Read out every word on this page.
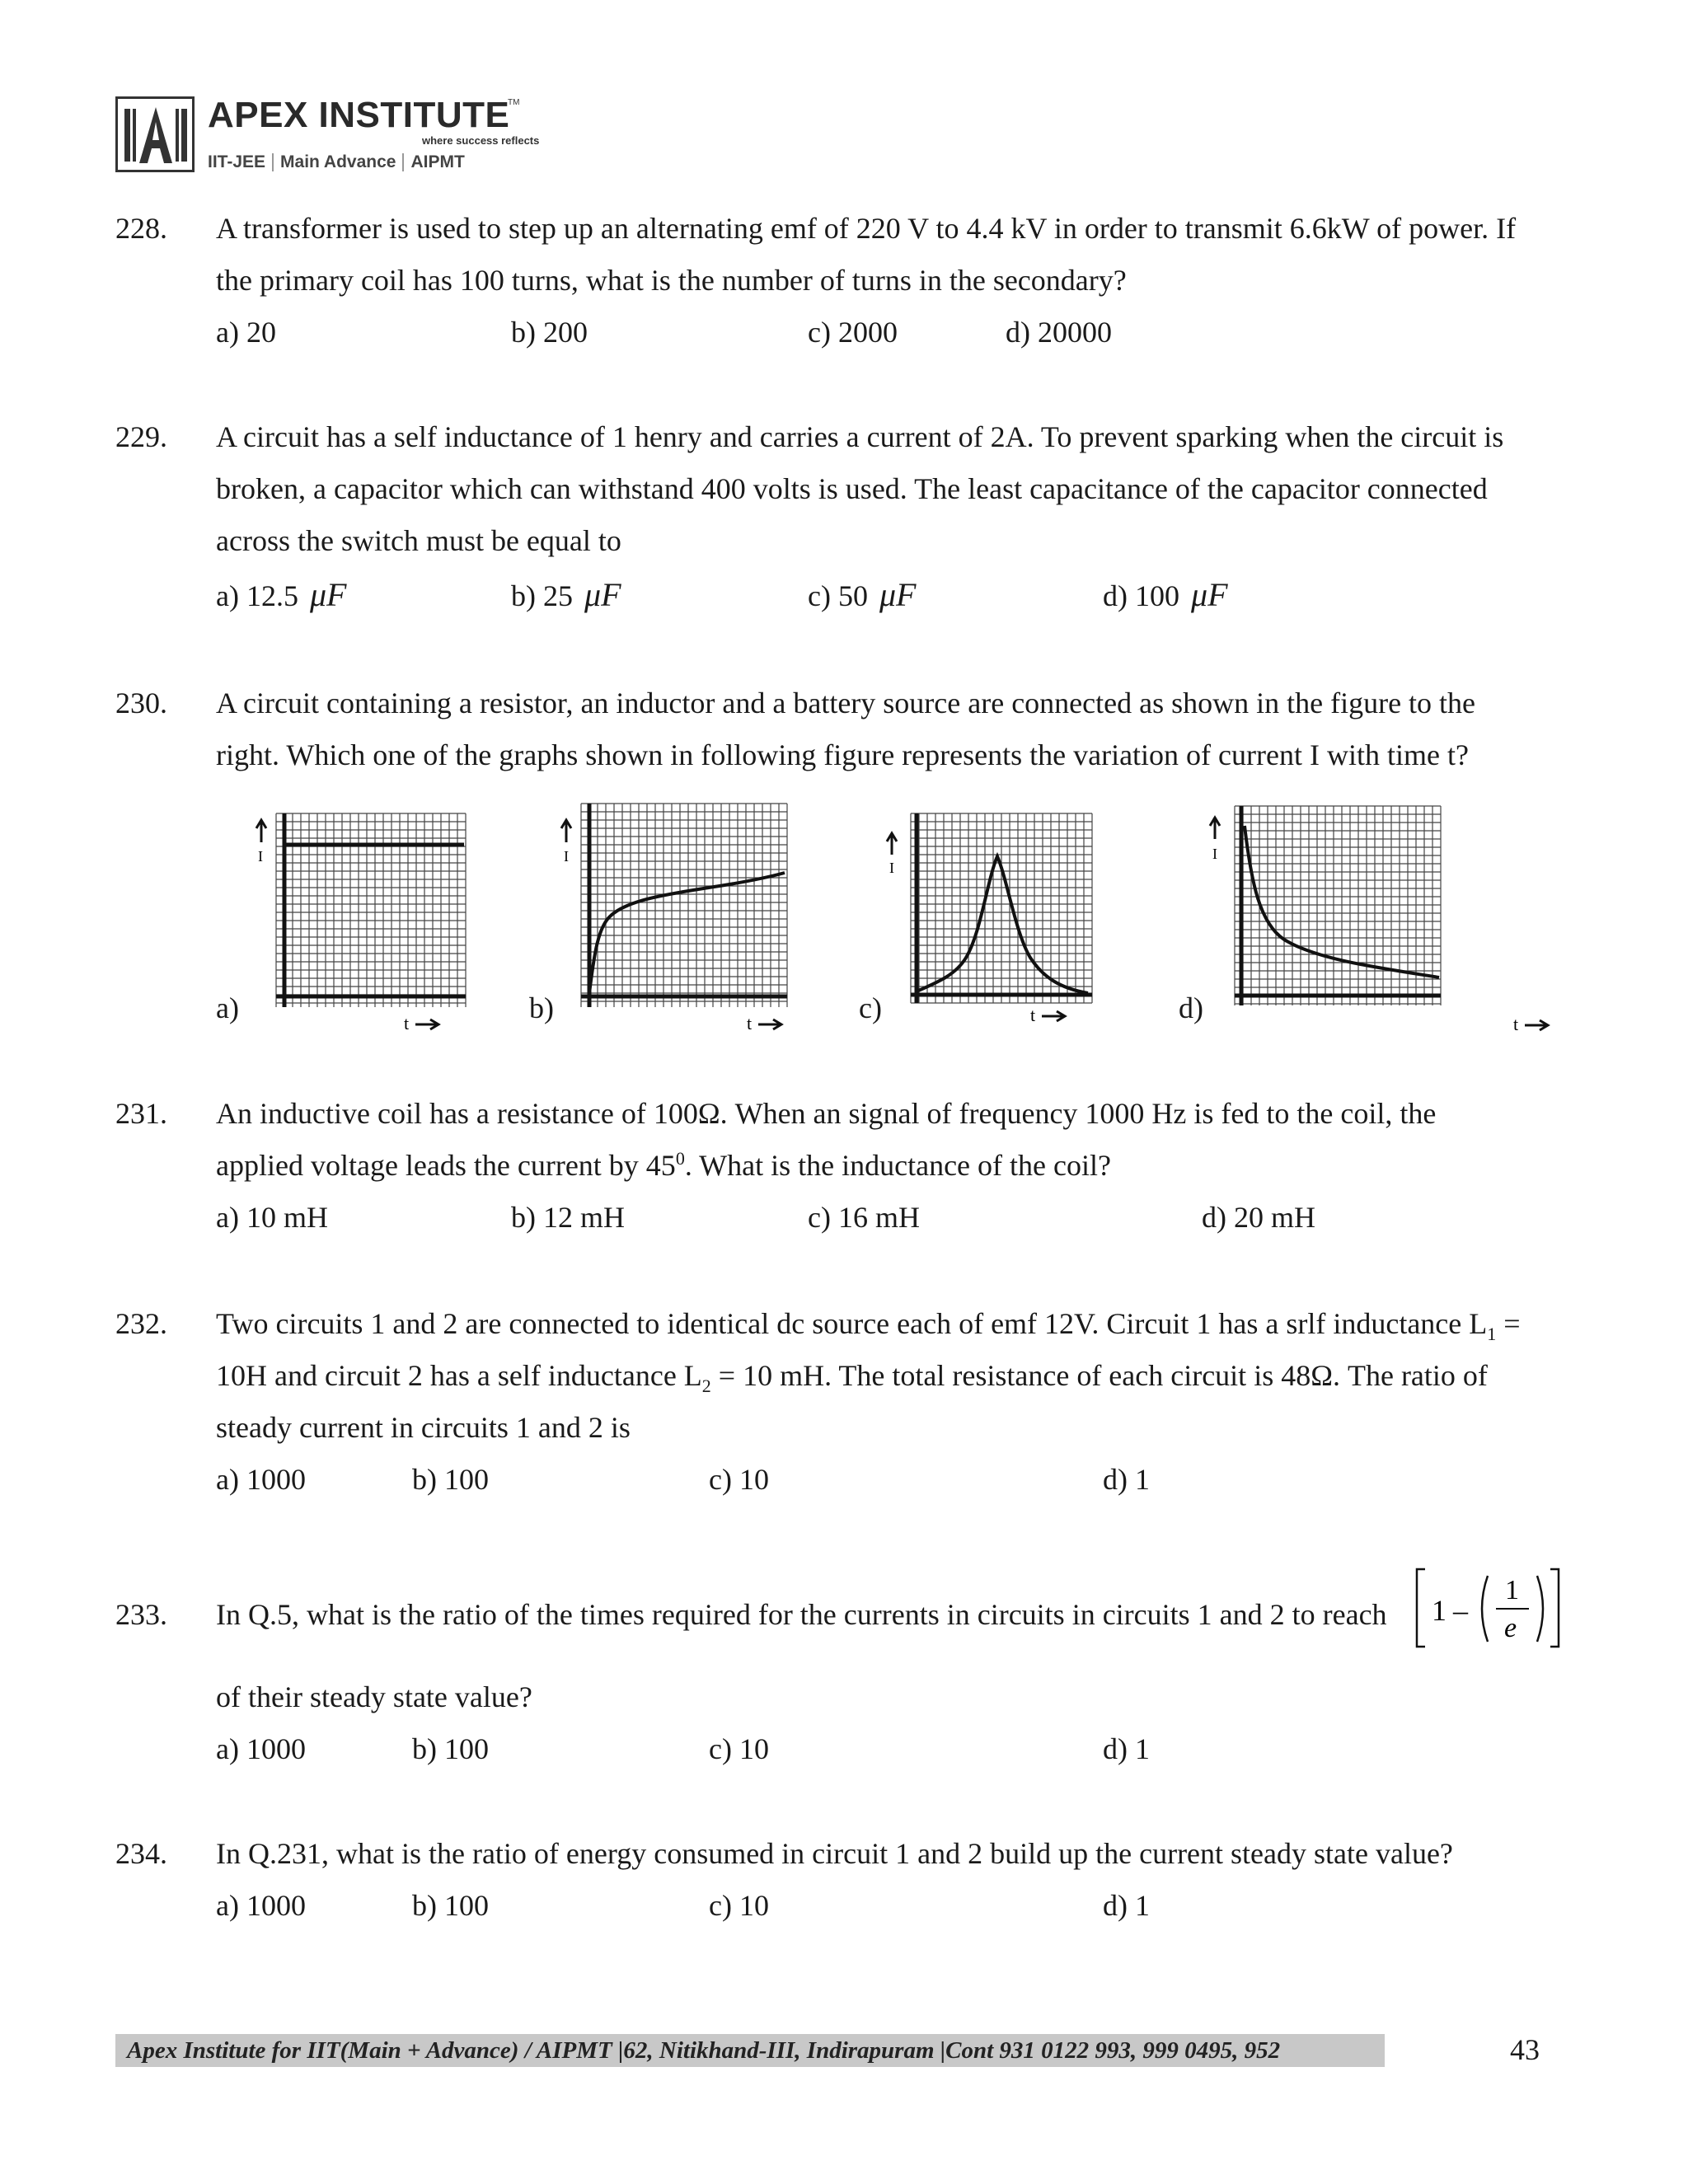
APEX INSTITUTE
TM
where success reflects
IIT-JEE Main Advance AIPMT
228. A transformer is used to step up an alternating emf of 220 V to 4.4 kV in order to transmit 6.6kW of power. If
the primary coil has 100 turns, what is the number of turns in the secondary?
a) 20	b) 200	c) 2000	d) 20000
229. A circuit has a self inductance of 1 henry and carries a current of 2A. To prevent sparking when the circuit is
broken, a capacitor which can withstand 400 volts is used. The least capacitance of the capacitor connected
across the switch must be equal to
a) 12.5 μF	b) 25 μF	c) 50 μF	d) 100 μF
230. A circuit containing a resistor, an inductor and a battery source are connected as shown in the figure to the
right. Which one of the graphs shown in following figure represents the variation of current I with time t?
a)
I
t	b)
I
t	c)
I
t	d)
I
t
231. An inductive coil has a resistance of 100Ω. When an signal of frequency 1000 Hz is fed to the coil, the
applied voltage leads the current by $45^0$. What is the inductance of the coil?
a) 10 mH	b) 12 mH	c) 16 mH	d) 20 mH
232. Two circuits 1 and 2 are connected to identical dc source each of emf 12V. Circuit 1 has a srlf inductance $L_1$ =
10H and circuit 2 has a self inductance $L_2 = 10$ mH. The total resistance of each circuit is 48Ω. The ratio of
steady current in circuits 1 and 2 is
a) 1000	b) 100	c) 10	d) 1
233. In Q.5, what is the ratio of the times required for the currents in circuits in circuits 1 and 2 to reach 1 –
1
e
of their steady state value?
a) 1000	b) 100	c) 10	d) 1
234. In Q.231, what is the ratio of energy consumed in circuit 1 and 2 build up the current steady state value?
a) 1000	b) 100	c) 10	d) 1
Apex Institute for IIT(Main + Advance) / AIPMT |62, Nitikhand-III, Indirapuram |Cont 931 0122 993, 999 0495, 952	43
